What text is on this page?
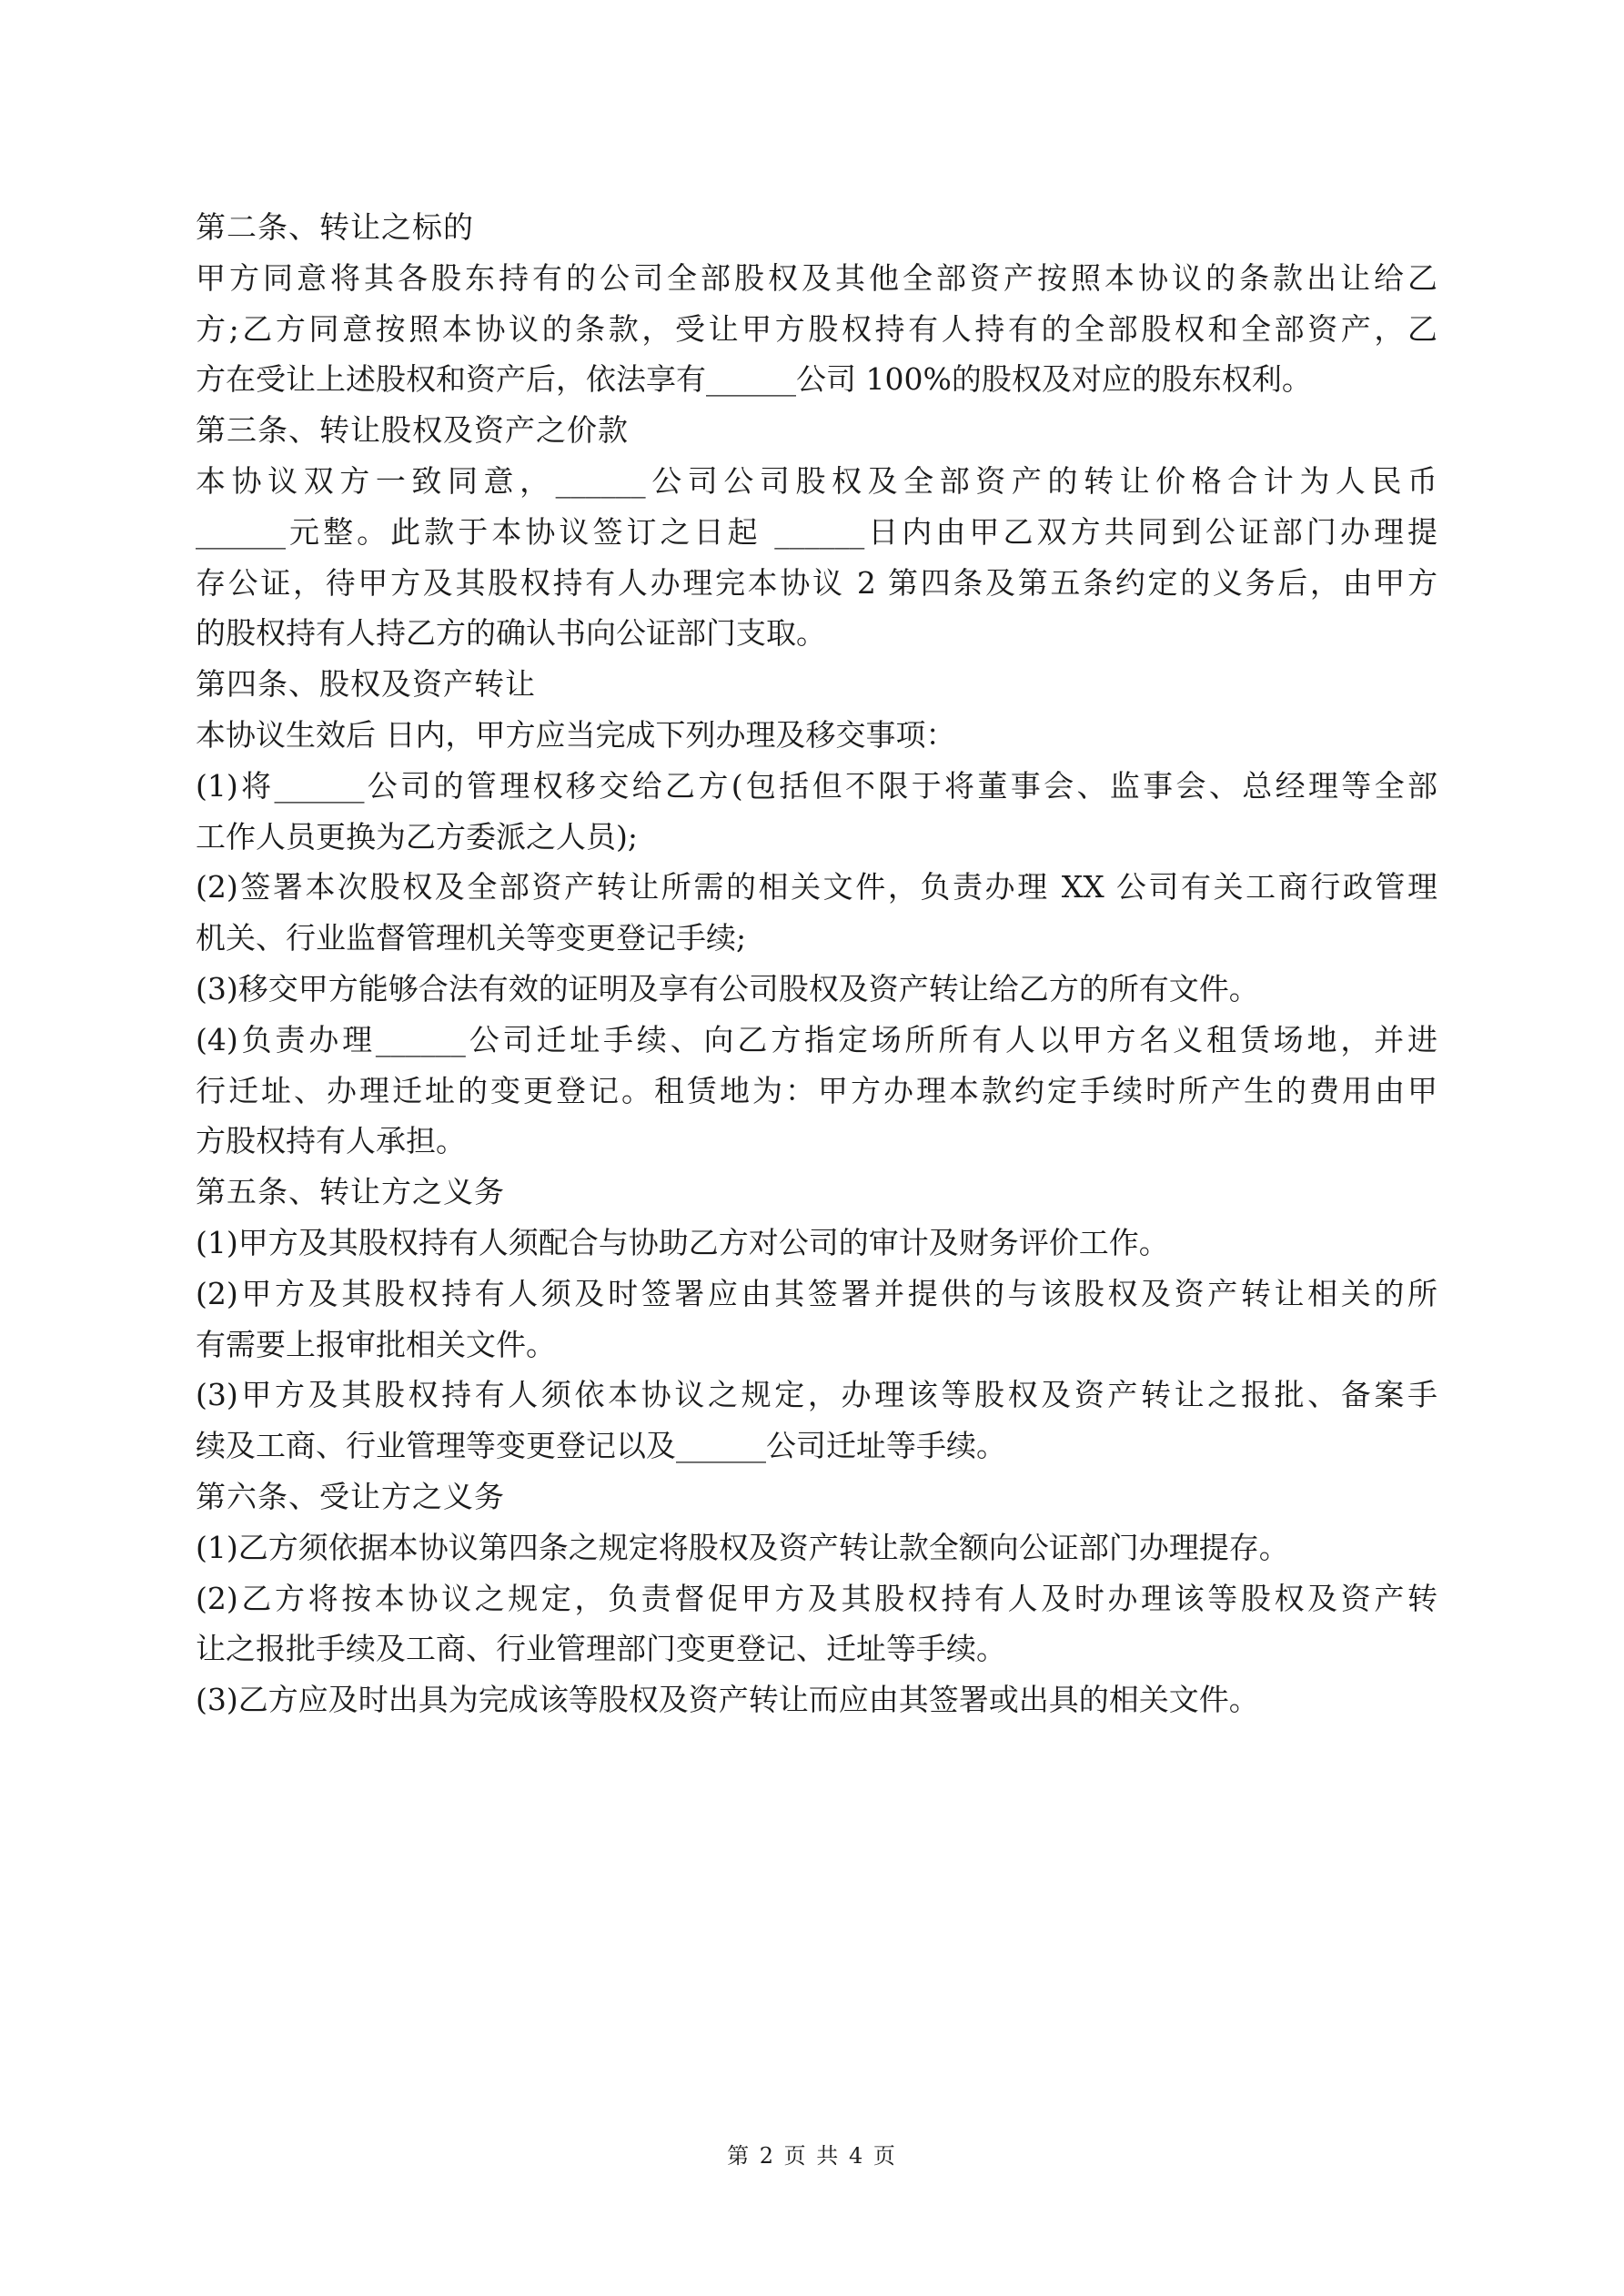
第二条、转让之标的
甲方同意将其各股东持有的公司全部股权及其他全部资产按照本协议的条款出让给乙
方;乙方同意按照本协议的条款，受让甲方股权持有人持有的全部股权和全部资产，乙
方在受让上述股权和资产后，依法享有______公司 100%的股权及对应的股东权利。
第三条、转让股权及资产之价款
本协议双方一致同意，______公司公司股权及全部资产的转让价格合计为人民币
______元整。此款于本协议签订之日起 ______日内由甲乙双方共同到公证部门办理提
存公证，待甲方及其股权持有人办理完本协议 2 第四条及第五条约定的义务后，由甲方
的股权持有人持乙方的确认书向公证部门支取。
第四条、股权及资产转让
本协议生效后 日内，甲方应当完成下列办理及移交事项：
(1)将______公司的管理权移交给乙方(包括但不限于将董事会、监事会、总经理等全部
工作人员更换为乙方委派之人员);
(2)签署本次股权及全部资产转让所需的相关文件，负责办理 XX 公司有关工商行政管理
机关、行业监督管理机关等变更登记手续;
(3)移交甲方能够合法有效的证明及享有公司股权及资产转让给乙方的所有文件。
(4)负责办理______公司迁址手续、向乙方指定场所所有人以甲方名义租赁场地，并进
行迁址、办理迁址的变更登记。租赁地为：甲方办理本款约定手续时所产生的费用由甲
方股权持有人承担。
第五条、转让方之义务
(1)甲方及其股权持有人须配合与协助乙方对公司的审计及财务评价工作。
(2)甲方及其股权持有人须及时签署应由其签署并提供的与该股权及资产转让相关的所
有需要上报审批相关文件。
(3)甲方及其股权持有人须依本协议之规定，办理该等股权及资产转让之报批、备案手
续及工商、行业管理等变更登记以及______公司迁址等手续。
第六条、受让方之义务
(1)乙方须依据本协议第四条之规定将股权及资产转让款全额向公证部门办理提存。
(2)乙方将按本协议之规定，负责督促甲方及其股权持有人及时办理该等股权及资产转
让之报批手续及工商、行业管理部门变更登记、迁址等手续。
(3)乙方应及时出具为完成该等股权及资产转让而应由其签署或出具的相关文件。
第 2 页 共 4 页
